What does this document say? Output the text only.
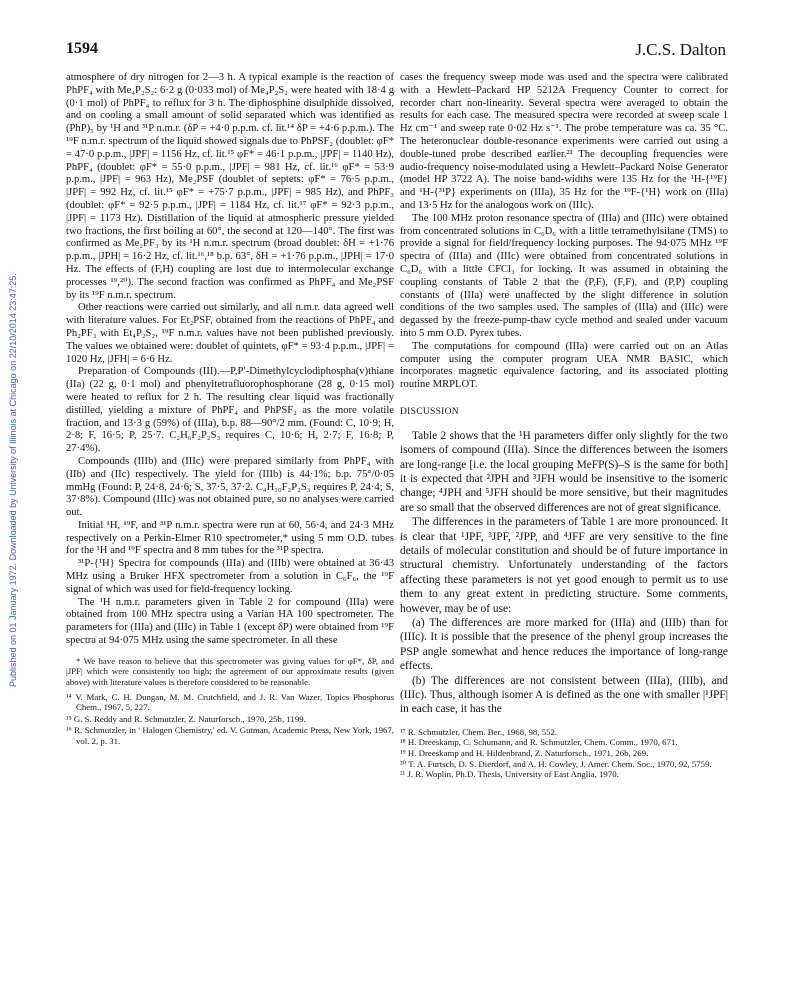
Published on 01 January 1972. Downloaded by University of Illinois at Chicago on 22/10/2014 23:47:25.
1594	J.C.S. Dalton

atmosphere of dry nitrogen for 2—3 h. A typical example is the reaction of PhPF₄ with Me₄P₂S₂: 6·2 g (0·033 mol) of Me₄P₂S₂ were heated with 18·4 g (0·1 mol) of PhPF₄ to reflux for 3 h. The diphosphine disulphide dissolved, and on cooling a small amount of solid separated which was identified as (PhP)₅ by ¹H and ³¹P n.m.r. (δP = +4·0 p.p.m. cf. lit.¹⁴ δP = +4·6 p.p.m.). The ¹⁹F n.m.r. spectrum of the liquid showed signals due to PhPSF₂ (doublet: φF* = 47·0 p.p.m., |JPF| = 1156 Hz, cf. lit.¹⁵ φF* = 46·1 p.p.m., |JPF| = 1140 Hz), PhPF₄ (doublet: φF* = 55·0 p.p.m., |JPF| = 981 Hz, cf. lit.¹⁶ φF* = 53·9 p.p.m., |JPF| = 963 Hz), Me₂PSF (doublet of septets: φF* = 76·5 p.p.m., |JPF| = 992 Hz, cf. lit.¹⁵ φF* = +75·7 p.p.m., |JPF| = 985 Hz), and PhPF₃ (doublet: φF* = 92·5 p.p.m., |JPF| = 1184 Hz, cf. lit.¹⁷ φF* = 92·3 p.p.m., |JPF| = 1173 Hz). Distillation of the liquid at atmospheric pressure yielded two fractions, the first boiling at 60°, the second at 120—140°. The first was confirmed as Me₂PF₃ by its ¹H n.m.r. spectrum (broad doublet: δH = +1·76 p.p.m., |JPH| = 16·2 Hz, cf. lit.¹⁶,¹⁸ b.p. 63°, δH = +1·76 p.p.m., |JPH| = 17·0 Hz. The effects of (F,H) coupling are lost due to intermolecular exchange processes ¹⁹,²⁰). The second fraction was confirmed as PhPF₄ and Me₂PSF by its ¹⁹F n.m.r. spectrum.

Other reactions were carried out similarly, and all n.m.r. data agreed well with literature values. For Et₂PSF, obtained from the reactions of PhPF₄ and Ph₂PF₃ with Et₄P₂S₂, ¹⁹F n.m.r. values have not been published previously. The values we obtained were: doublet of quintets, φF* = 93·4 p.p.m., |JPF| = 1020 Hz, |JFH| = 6·6 Hz.

Preparation of Compounds (III).—P,P′-Dimethylcyclodiphospha(v)thiane (IIa) (22 g, 0·1 mol) and phenyltetrafluorophosphorane (28 g, 0·15 mol) were heated to reflux for 2 h. The resulting clear liquid was fractionally distilled, yielding a mixture of PhPF₄ and PhPSF₂ as the more volatile fraction, and 13·3 g (59%) of (IIIa), b.p. 88—90°/2 mm. (Found: C, 10·9; H, 2·8; F, 16·5; P, 25·7. C₂H₆F₂P₂S₃ requires C, 10·6; H, 2·7; F, 16·8; P, 27·4%).

Compounds (IIIb) and (IIIc) were prepared similarly from PhPF₄ with (IIb) and (IIc) respectively. The yield for (IIIb) is 44·1%; b.p. 75°/0·05 mmHg (Found: P, 24·8, 24·6; S, 37·5, 37·2. C₄H₁₀F₂P₂S₃ requires P, 24·4; S, 37·8%). Compound (IIIc) was not obtained pure, so no analyses were carried out.

Initial ¹H, ¹⁹F, and ³¹P n.m.r. spectra were run at 60, 56·4, and 24·3 MHz respectively on a Perkin-Elmer R10 spectrometer,* using 5 mm O.D. tubes for the ¹H and ¹⁹F spectra and 8 mm tubes for the ³¹P spectra.

³¹P-{¹H} Spectra for compounds (IIIa) and (IIIb) were obtained at 36·43 MHz using a Bruker HFX spectrometer from a solution in C₆F₆, the ¹⁹F signal of which was used for field-frequency locking.

The ¹H n.m.r. parameters given in Table 2 for compound (IIIa) were obtained from 100 MHz spectra using a Varian HA 100 spectrometer. The parameters for (IIIa) and (IIIc) in Table 1 (except δP) were obtained from ¹⁹F spectra at 94·075 MHz using the same spectrometer. In all these

* We have reason to believe that this spectrometer was giving values for φF*, δP, and |JPF| which were consistently too high; the agreement of our approximate results (given above) with literature values is therefore considered to be reasonable.

¹⁴ V. Mark, C. H. Dungan, M. M. Crutchfield, and J. R. Van Wazer, Topics Phosphorus Chem., 1967, 5, 227.

¹⁵ G. S. Reddy and R. Schmutzler, Z. Naturforsch., 1970, 25b, 1199.

¹⁶ R. Schmutzler, in ' Halogen Chemistry,' ed. V. Gutman, Academic Press, New York, 1967, vol. 2, p. 31.

cases the frequency sweep mode was used and the spectra were calibrated with a Hewlett–Packard HP 5212A Frequency Counter to correct for recorder chart non-linearity. Several spectra were averaged to obtain the results for each case. The measured spectra were recorded at sweep scale 1 Hz cm⁻¹ and sweep rate 0·02 Hz s⁻¹. The probe temperature was ca. 35 °C. The heteronuclear double-resonance experiments were carried out using a double-tuned probe described earlier.²¹ The decoupling frequencies were audio-frequency noise-modulated using a Hewlett–Packard Noise Generator (model HP 3722 A). The noise band-widths were 135 Hz for the ¹H-{¹⁹F} and ¹H-{³¹P} experiments on (IIIa), 35 Hz for the ¹⁹F-{¹H} work on (IIIa) and 13·5 Hz for the analogous work on (IIIc).

The 100 MHz proton resonance spectra of (IIIa) and (IIIc) were obtained from concentrated solutions in C₆D₆ with a little tetramethylsilane (TMS) to provide a signal for field/frequency locking purposes. The 94·075 MHz ¹⁹F spectra of (IIIa) and (IIIc) were obtained from concentrated solutions in C₆D₆ with a little CFCl₃ for locking. It was assumed in obtaining the coupling constants of Table 2 that the (P,F), (F,F), and (P,P) coupling constants of (IIIa) were unaffected by the slight difference in solution conditions of the two samples used. The samples of (IIIa) and (IIIc) were degassed by the freeze-pump-thaw cycle method and sealed under vacuum into 5 mm O.D. Pyrex tubes.

The computations for compound (IIIa) were carried out on an Atlas computer using the computer program UEA NMR BASIC, which incorporates magnetic equivalence factoring, and its associated plotting routine MRPLOT.

DISCUSSION

Table 2 shows that the ¹H parameters differ only slightly for the two isomers of compound (IIIa). Since the differences between the isomers are long-range [i.e. the local grouping MeFP(S)–S is the same for both] it is expected that ²JPH and ³JFH would be insensitive to the isomeric change; ⁴JPH and ⁵JFH should be more sensitive, but their magnitudes are so small that the observed differences are not of great significance.

The differences in the parameters of Table 1 are more pronounced. It is clear that ¹JPF, ³JPF, ²JPP, and ⁴JFF are very sensitive to the fine details of molecular constitution and should be of future importance in structural chemistry. Unfortunately understanding of the factors affecting these parameters is not yet good enough to permit us to use them to any great extent in predicting structure. Some comments, however, may be of use:

(a) The differences are more marked for (IIIa) and (IIIb) than for (IIIc). It is possible that the presence of the phenyl group increases the PSP angle somewhat and hence reduces the importance of long-range effects.

(b) The differences are not consistent between (IIIa), (IIIb), and (IIIc). Thus, although isomer A is defined as the one with smaller |¹JPF| in each case, it has the

¹⁷ R. Schmutzler, Chem. Ber., 1968, 98, 552.

¹⁸ H. Dreeskamp, C. Schumann, and R. Schmutzler, Chem. Comm., 1970, 671.

¹⁹ H. Dreeskamp and H. Hildenbrand, Z. Naturforsch., 1971, 26b, 269.

²⁰ T. A. Furtsch, D. S. Dierdorf, and A. H. Cowley, J. Amer. Chem. Soc., 1970, 92, 5759.

²¹ J. R. Woplin, Ph.D. Thesis, University of East Anglia, 1970.
